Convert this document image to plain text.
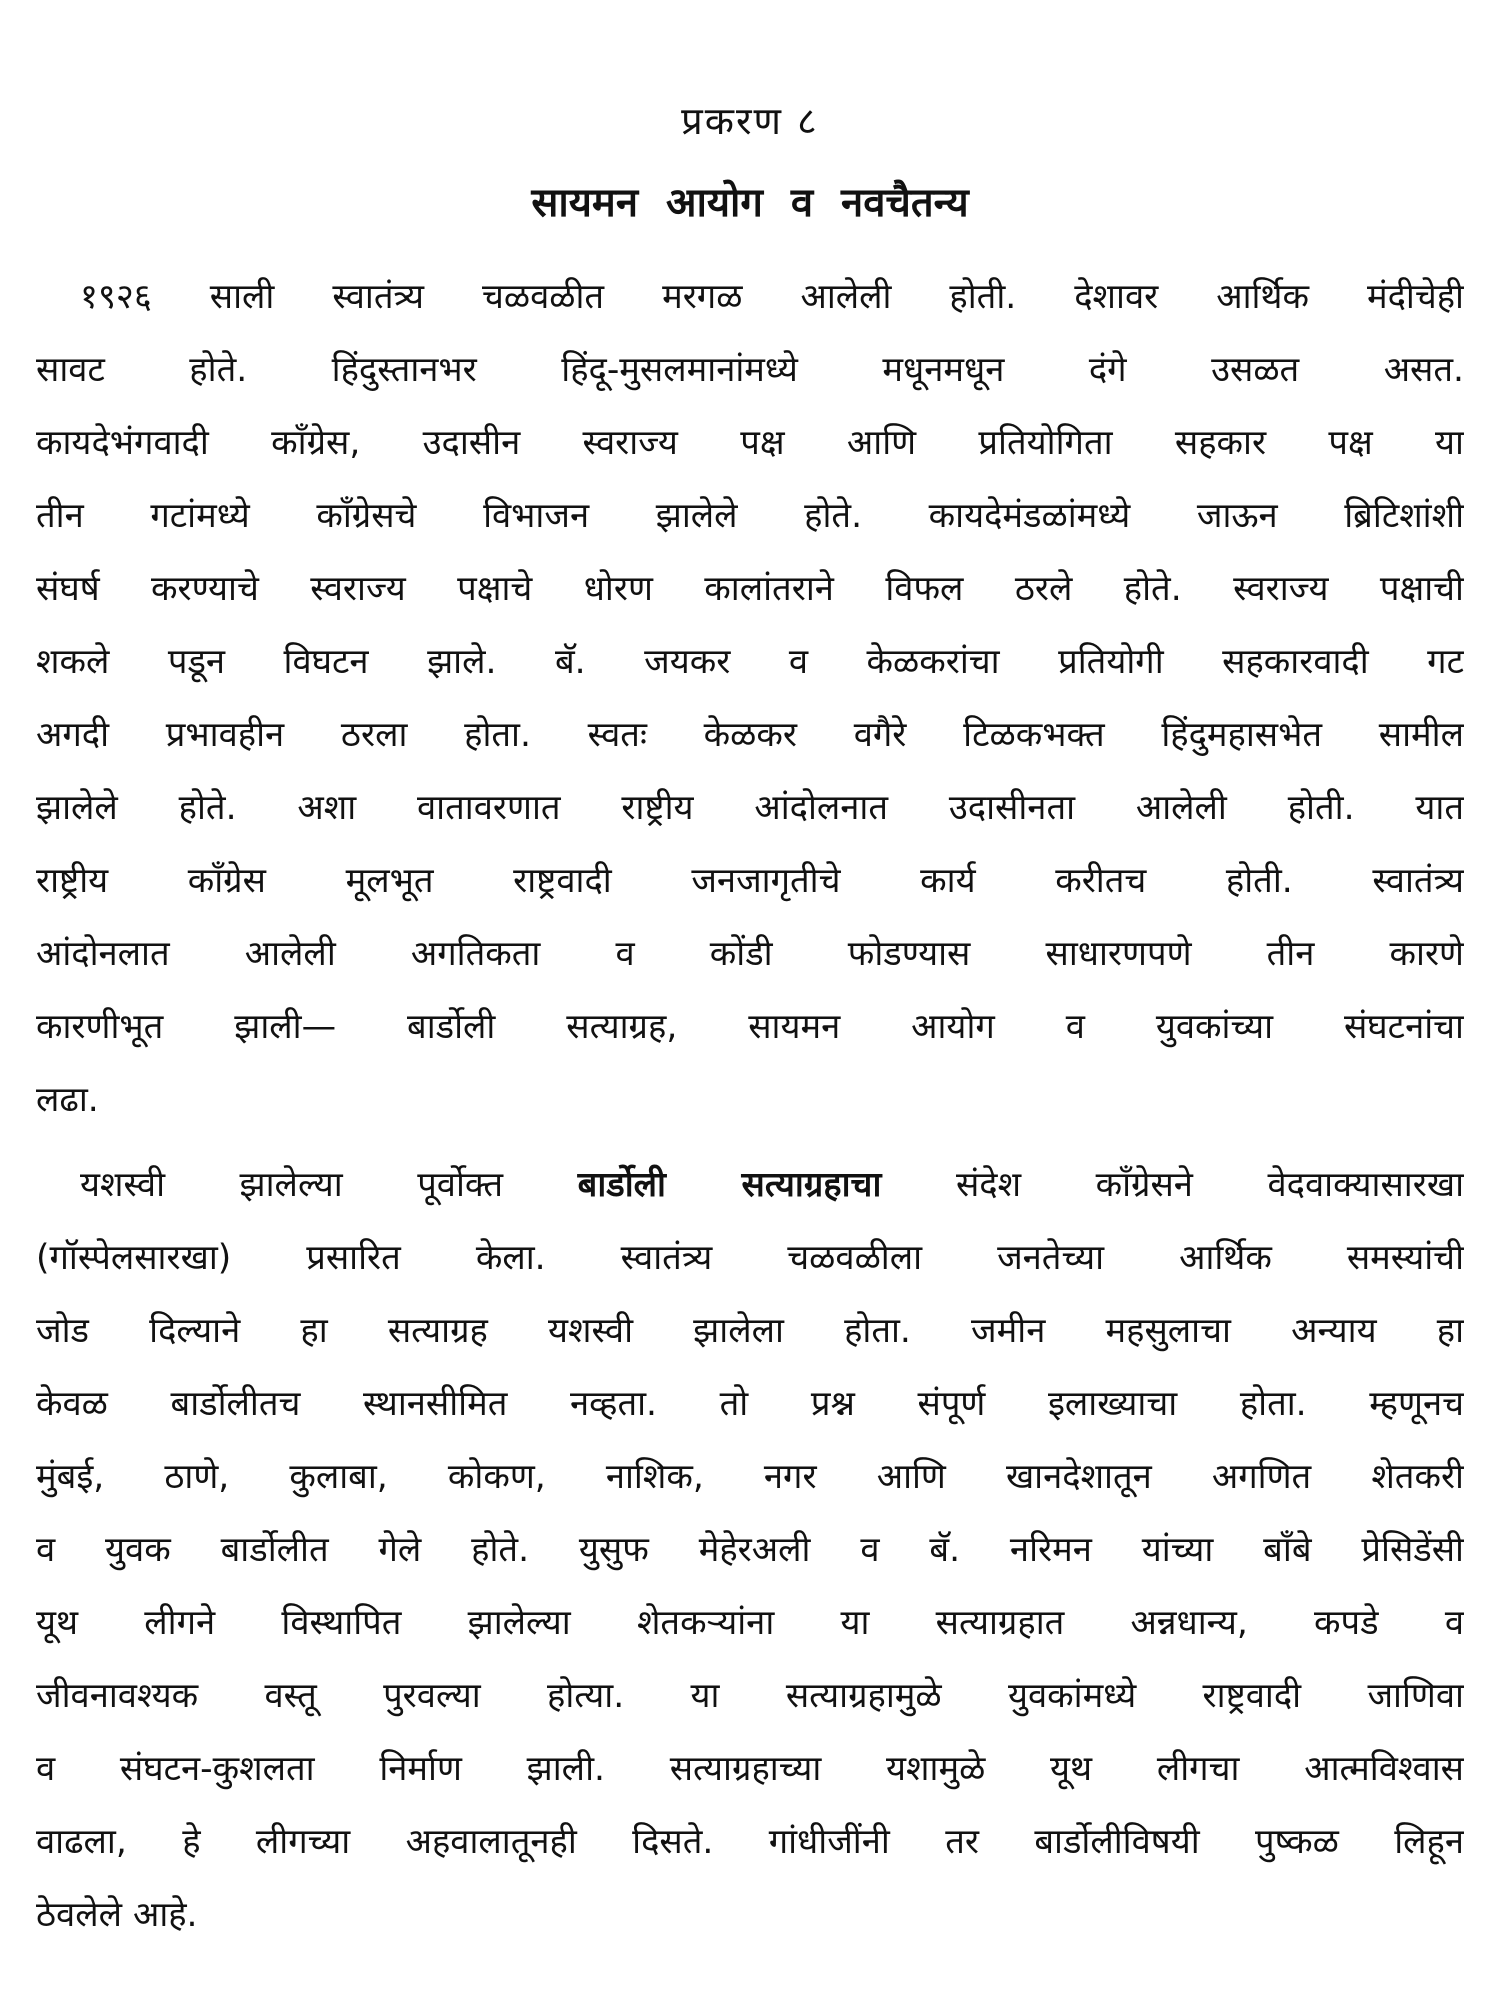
प्रकरण ८
सायमन आयोग व नवचैतन्य
१९२६ साली स्वातंत्र्य चळवळीत मरगळ आलेली होती. देशावर आर्थिक मंदीचेही
सावट होते. हिंदुस्तानभर हिंदू-मुसलमानांमध्ये मधूनमधून दंगे उसळत असत.
कायदेभंगवादी काँग्रेस, उदासीन स्वराज्य पक्ष आणि प्रतियोगिता सहकार पक्ष या
तीन गटांमध्ये काँग्रेसचे विभाजन झालेले होते. कायदेमंडळांमध्ये जाऊन ब्रिटिशांशी
संघर्ष करण्याचे स्वराज्य पक्षाचे धोरण कालांतराने विफल ठरले होते. स्वराज्य पक्षाची
शकले पडून विघटन झाले. बॅ. जयकर व केळकरांचा प्रतियोगी सहकारवादी गट
अगदी प्रभावहीन ठरला होता. स्वतः केळकर वगैरे टिळकभक्त हिंदुमहासभेत सामील
झालेले होते. अशा वातावरणात राष्ट्रीय आंदोलनात उदासीनता आलेली होती. यात
राष्ट्रीय काँग्रेस मूलभूत राष्ट्रवादी जनजागृतीचे कार्य करीतच होती. स्वातंत्र्य
आंदोनलात आलेली अगतिकता व कोंडी फोडण्यास साधारणपणे तीन कारणे
कारणीभूत झाली— बार्डोली सत्याग्रह, सायमन आयोग व युवकांच्या संघटनांचा
लढा.
यशस्वी झालेल्या पूर्वोक्त बार्डोली सत्याग्रहाचा संदेश काँग्रेसने वेदवाक्यासारखा
(गॉस्पेलसारखा) प्रसारित केला. स्वातंत्र्य चळवळीला जनतेच्या आर्थिक समस्यांची
जोड दिल्याने हा सत्याग्रह यशस्वी झालेला होता. जमीन महसुलाचा अन्याय हा
केवळ बार्डोलीतच स्थानसीमित नव्हता. तो प्रश्न संपूर्ण इलाख्याचा होता. म्हणूनच
मुंबई, ठाणे, कुलाबा, कोकण, नाशिक, नगर आणि खानदेशातून अगणित शेतकरी
व युवक बार्डोलीत गेले होते. युसुफ मेहेरअली व बॅ. नरिमन यांच्या बॉंबे प्रेसिडेंसी
यूथ लीगने विस्थापित झालेल्या शेतकऱ्यांना या सत्याग्रहात अन्नधान्य, कपडे व
जीवनावश्यक वस्तू पुरवल्या होत्या. या सत्याग्रहामुळे युवकांमध्ये राष्ट्रवादी जाणिवा
व संघटन-कुशलता निर्माण झाली. सत्याग्रहाच्या यशामुळे यूथ लीगचा आत्मविश्वास
वाढला, हे लीगच्या अहवालातूनही दिसते. गांधीजींनी तर बार्डोलीविषयी पुष्कळ लिहून
ठेवलेले आहे.
